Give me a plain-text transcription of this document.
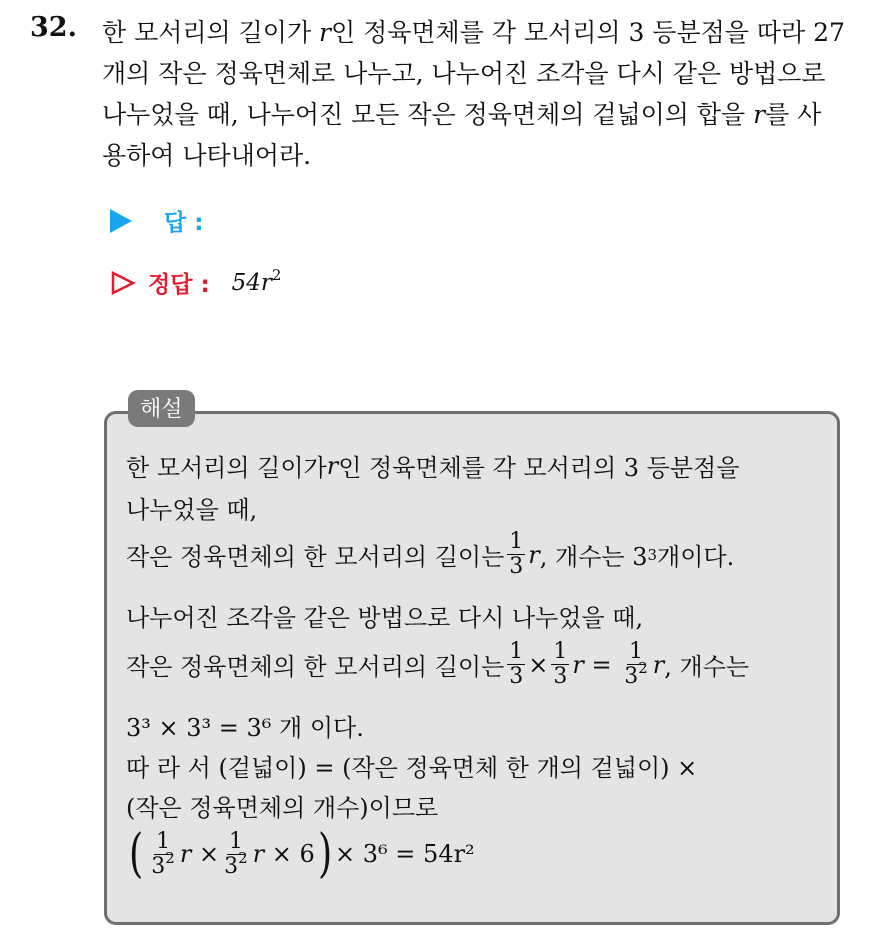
32. 한 모서리의 길이가 r인 정육면체를 각 모서리의 3 등분점을 따라 27
개의 작은 정육면체로 나누고, 나누어진 조각을 다시 같은 방법으로
나누었을 때, 나누어진 모든 작은 정육면체의 겉넓이의 합을 r를 사
용하여 나타내어라.
답 :
정답 : $54r^2$
해설
한 모서리의 길이가 r 인 정육면체를 각 모서리의 3 등분점을
나누었을 때,
작은 정육면체의 한 모서리의 길이는 $\frac{1}{3}$ r , 개수는 3 3 개이다.
나누어진 조각을 같은 방법으로 다시 나누었을 때,
작은 정육면체의 한 모서리의 길이는 $\frac{1}{3} \times \frac{1}{3}$ $r = \frac{1}{3^2}$ r , 개수는
3³ × 3³ = 3⁶ 개 이다.
따 라 서 (겉넓이) = (작은 정육면체 한 개의 겉넓이) ×
(작은 정육면체의 개수)이므로
( $\frac{1}{3^2}$ $r \times \frac{1}{3^2}$ r × 6 ) × 3⁶ = 54r²
